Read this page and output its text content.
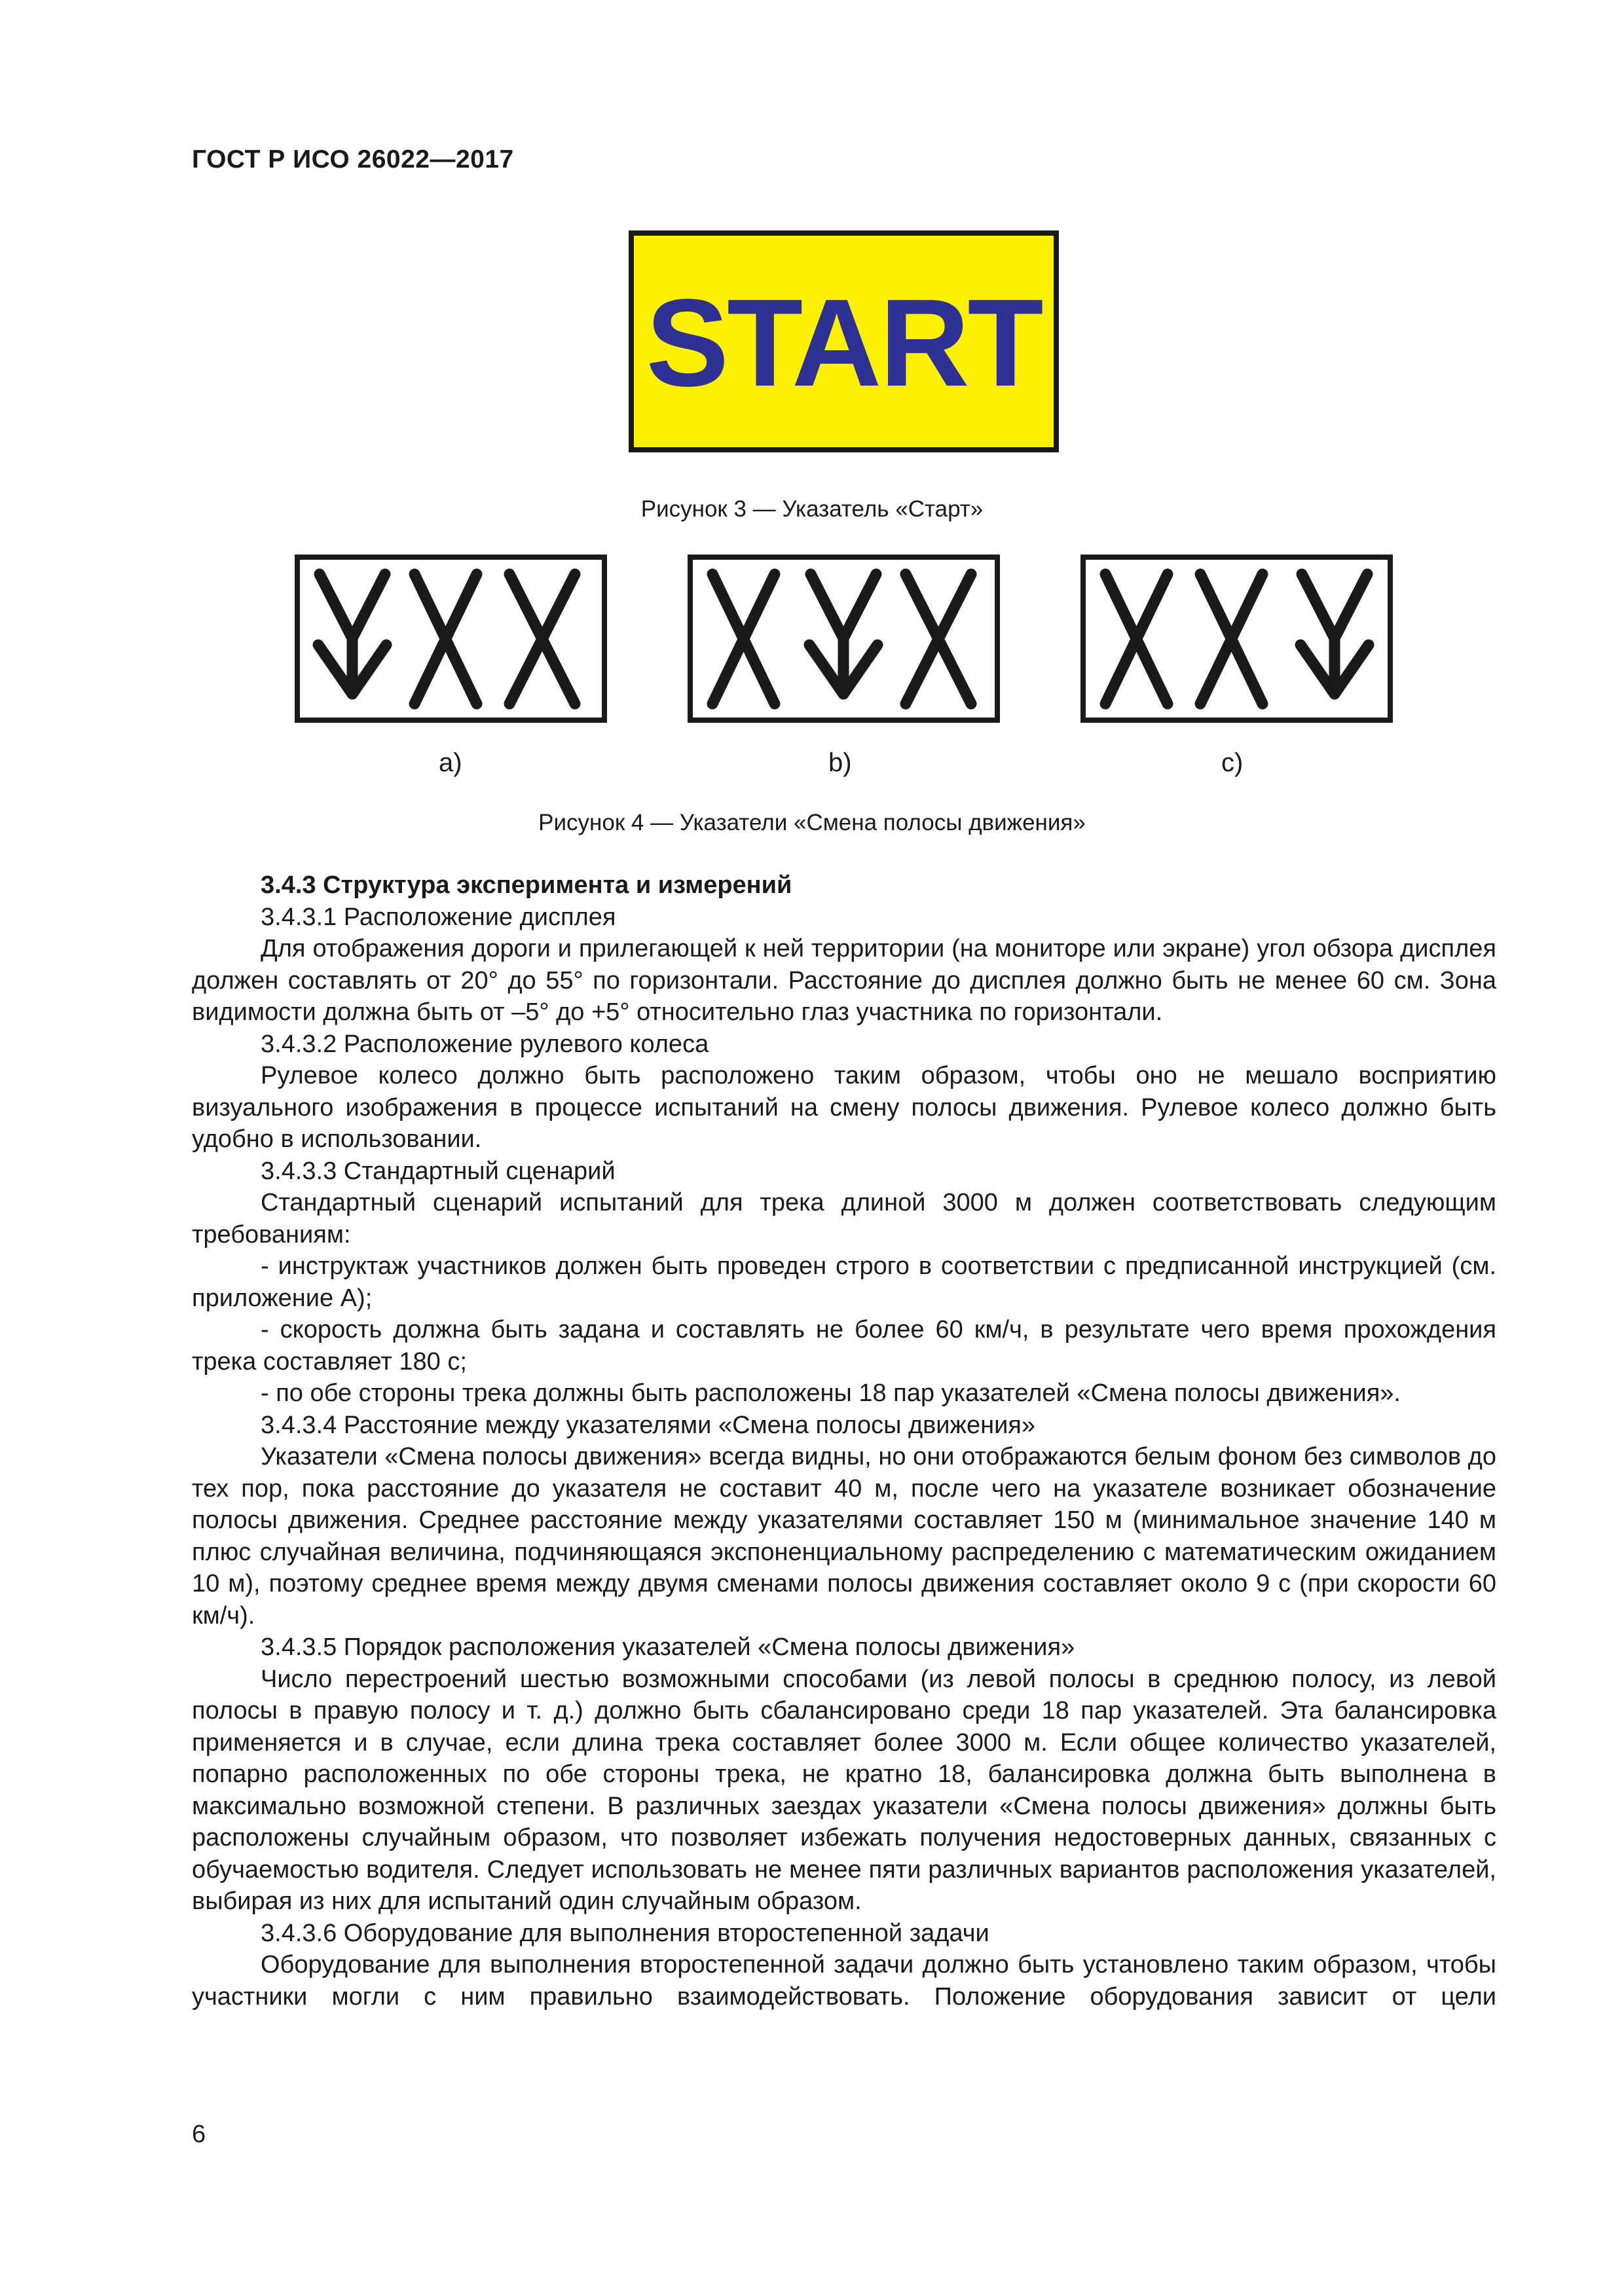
ГОСТ Р ИСО 26022—2017
START
Рисунок 3 — Указатель «Старт»
а)	b)	c)
Рисунок 4 — Указатели «Смена полосы движения»

3.4.3 Структура эксперимента и измерений

3.4.3.1 Расположение дисплея

Для отображения дороги и прилегающей к ней территории (на мониторе или экране) угол обзора дисплея должен составлять от 20° до 55° по горизонтали. Расстояние до дисплея должно быть не менее 60 см. Зона видимости должна быть от –5° до +5° относительно глаз участника по горизонтали.

3.4.3.2 Расположение рулевого колеса

Рулевое колесо должно быть расположено таким образом, чтобы оно не мешало восприятию визуального изображения в процессе испытаний на смену полосы движения. Рулевое колесо должно быть удобно в использовании.

3.4.3.3 Стандартный сценарий

Стандартный сценарий испытаний для трека длиной 3000 м должен соответствовать следующим требованиям:

- инструктаж участников должен быть проведен строго в соответствии с предписанной инструкцией (см. приложение А);

- скорость должна быть задана и составлять не более 60 км/ч, в результате чего время прохождения трека составляет 180 с;

- по обе стороны трека должны быть расположены 18 пар указателей «Смена полосы движения».

3.4.3.4 Расстояние между указателями «Смена полосы движения»

Указатели «Смена полосы движения» всегда видны, но они отображаются белым фоном без символов до тех пор, пока расстояние до указателя не составит 40 м, после чего на указателе возникает обозначение полосы движения. Среднее расстояние между указателями составляет 150 м (минимальное значение 140 м плюс случайная величина, подчиняющаяся экспоненциальному распределению с математическим ожиданием 10 м), поэтому среднее время между двумя сменами полосы движения составляет около 9 с (при скорости 60 км/ч).

3.4.3.5 Порядок расположения указателей «Смена полосы движения»

Число перестроений шестью возможными способами (из левой полосы в среднюю полосу, из левой полосы в правую полосу и т. д.) должно быть сбалансировано среди 18 пар указателей. Эта балансировка применяется и в случае, если длина трека составляет более 3000 м. Если общее количество указателей, попарно расположенных по обе стороны трека, не кратно 18, балансировка должна быть выполнена в максимально возможной степени. В различных заездах указатели «Смена полосы движения» должны быть расположены случайным образом, что позволяет избежать получения недостоверных данных, связанных с обучаемостью водителя. Следует использовать не менее пяти различных вариантов расположения указателей, выбирая из них для испытаний один случайным образом.

3.4.3.6 Оборудование для выполнения второстепенной задачи

Оборудование для выполнения второстепенной задачи должно быть установлено таким образом, чтобы участники могли с ним правильно взаимодействовать. Положение оборудования зависит от цели

6
